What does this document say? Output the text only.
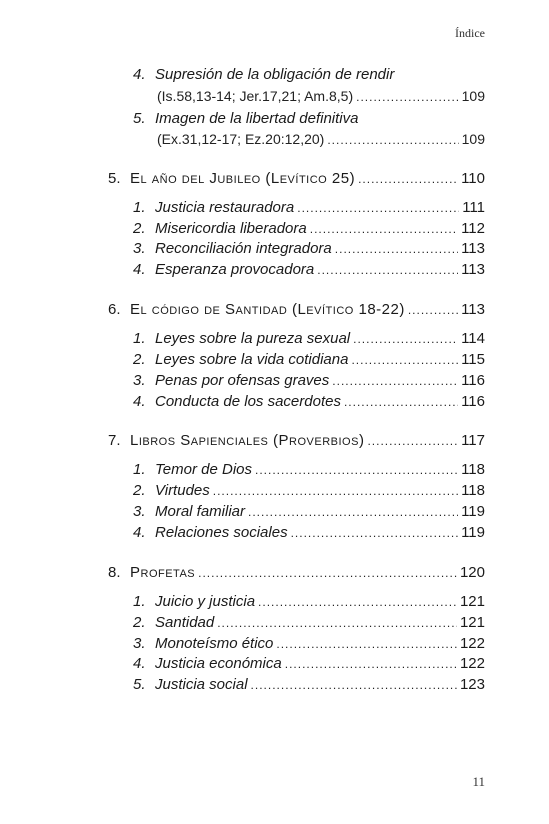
Índice
4. Supresión de la obligación de rendir
(Is.58,13-14; Jer.17,21; Am.8,5) .....	109
5. Imagen de la libertad definitiva
(Ex.31,12-17; Ez.20:12,20) .....	109
5. El año del Jubileo (Levítico 25) .....	110
1. Justicia restauradora .....	111
2. Misericordia liberadora .....	112
3. Reconciliación integradora .....	113
4. Esperanza provocadora .....	113
6. El código de Santidad (Levítico 18-22) .....	113
1. Leyes sobre la pureza sexual .....	114
2. Leyes sobre la vida cotidiana .....	115
3. Penas por ofensas graves .....	116
4. Conducta de los sacerdotes .....	116
7. Libros Sapienciales (Proverbios) .....	117
1. Temor de Dios .....	118
2. Virtudes .....	118
3. Moral familiar .....	119
4. Relaciones sociales .....	119
8. Profetas .....	120
1. Juicio y justicia .....	121
2. Santidad .....	121
3. Monoteísmo ético .....	122
4. Justicia económica .....	122
5. Justicia social .....	123
11
